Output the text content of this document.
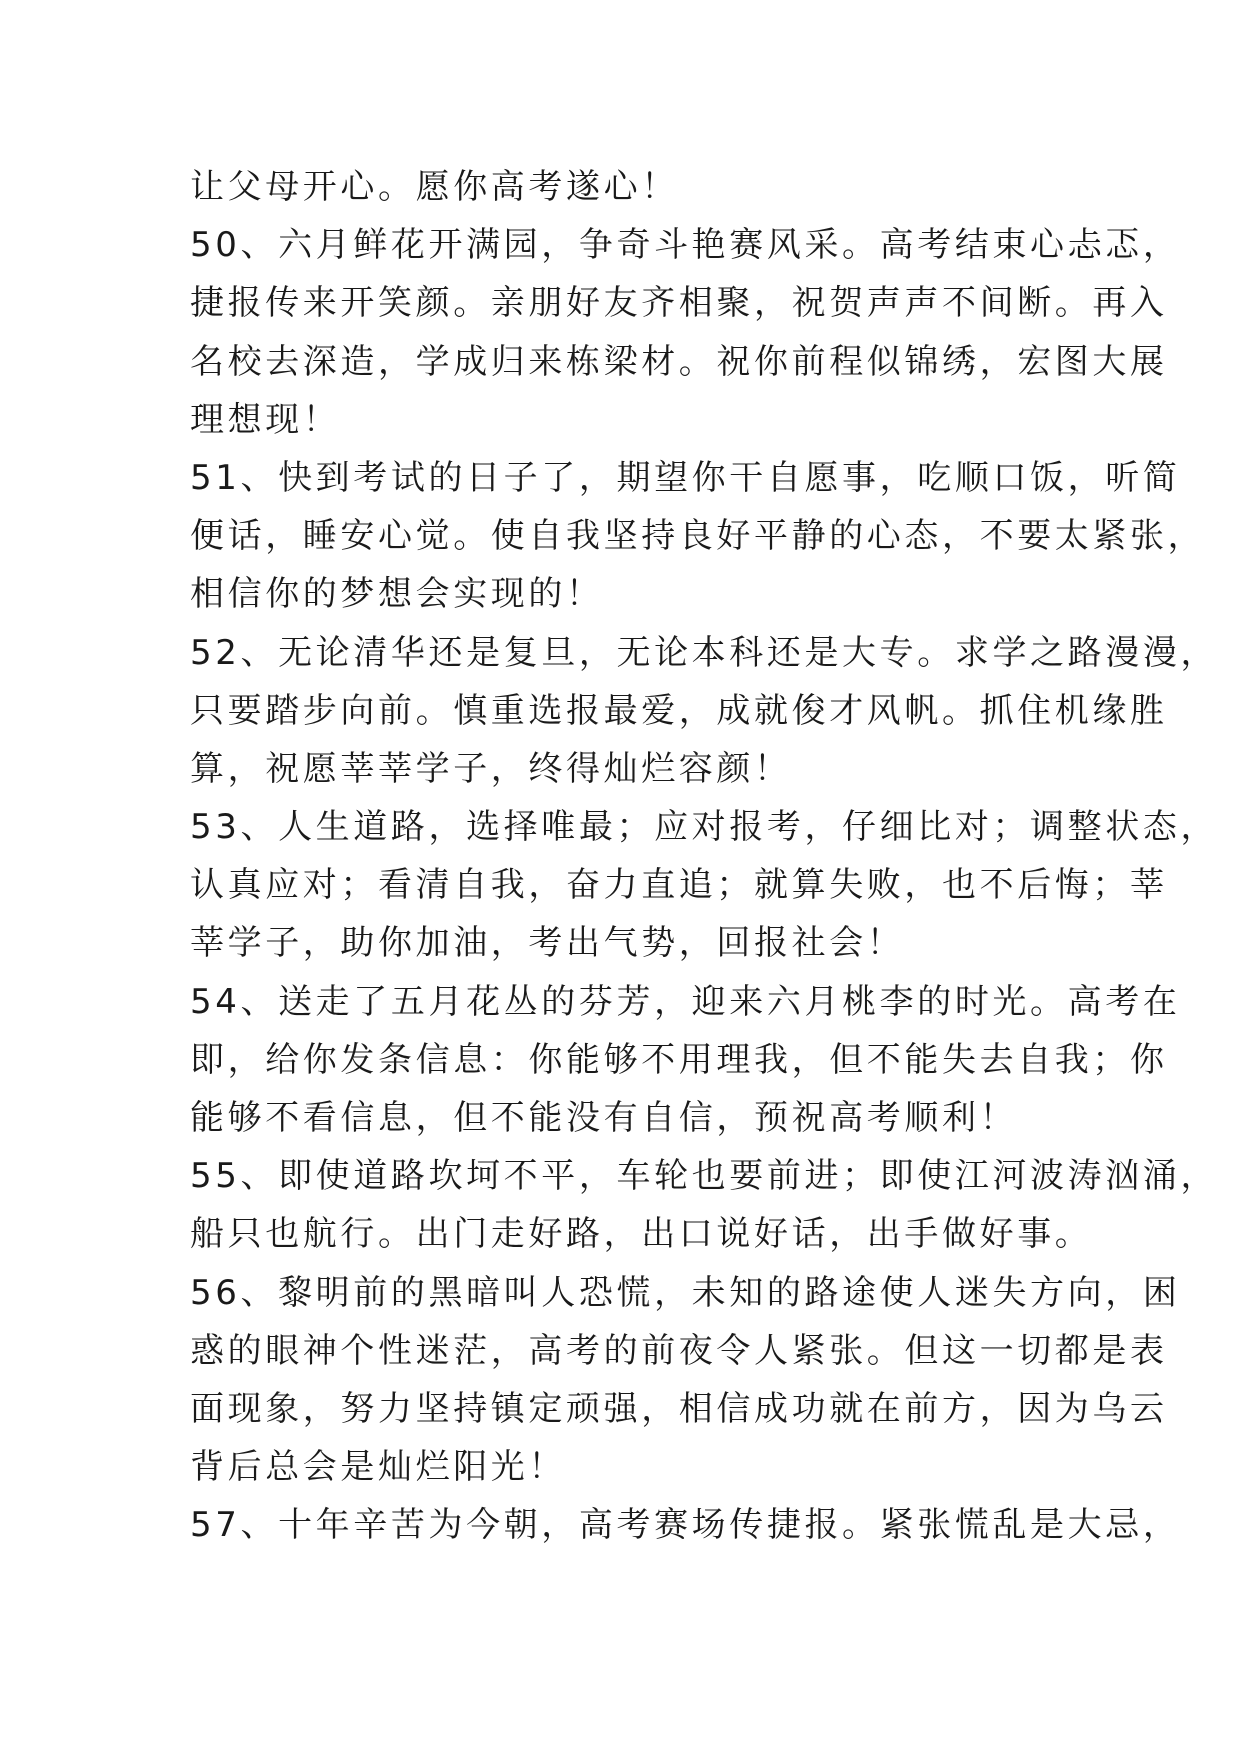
让父母开心。愿你高考遂心！
50、六月鲜花开满园，争奇斗艳赛风采。高考结束心忐忑，
捷报传来开笑颜。亲朋好友齐相聚，祝贺声声不间断。再入
名校去深造，学成归来栋梁材。祝你前程似锦绣，宏图大展
理想现！
51、快到考试的日子了，期望你干自愿事，吃顺口饭，听简
便话，睡安心觉。使自我坚持良好平静的心态，不要太紧张，
相信你的梦想会实现的！
52、无论清华还是复旦，无论本科还是大专。求学之路漫漫，
只要踏步向前。慎重选报最爱，成就俊才风帆。抓住机缘胜
算，祝愿莘莘学子，终得灿烂容颜！
53、人生道路，选择唯最；应对报考，仔细比对；调整状态，
认真应对；看清自我，奋力直追；就算失败，也不后悔；莘
莘学子，助你加油，考出气势，回报社会！
54、送走了五月花丛的芬芳，迎来六月桃李的时光。高考在
即，给你发条信息：你能够不用理我，但不能失去自我；你
能够不看信息，但不能没有自信，预祝高考顺利！
55、即使道路坎坷不平，车轮也要前进；即使江河波涛汹涌，
船只也航行。出门走好路，出口说好话，出手做好事。
56、黎明前的黑暗叫人恐慌，未知的路途使人迷失方向，困
惑的眼神个性迷茫，高考的前夜令人紧张。但这一切都是表
面现象，努力坚持镇定顽强，相信成功就在前方，因为乌云
背后总会是灿烂阳光！
57、十年辛苦为今朝，高考赛场传捷报。紧张慌乱是大忌，
